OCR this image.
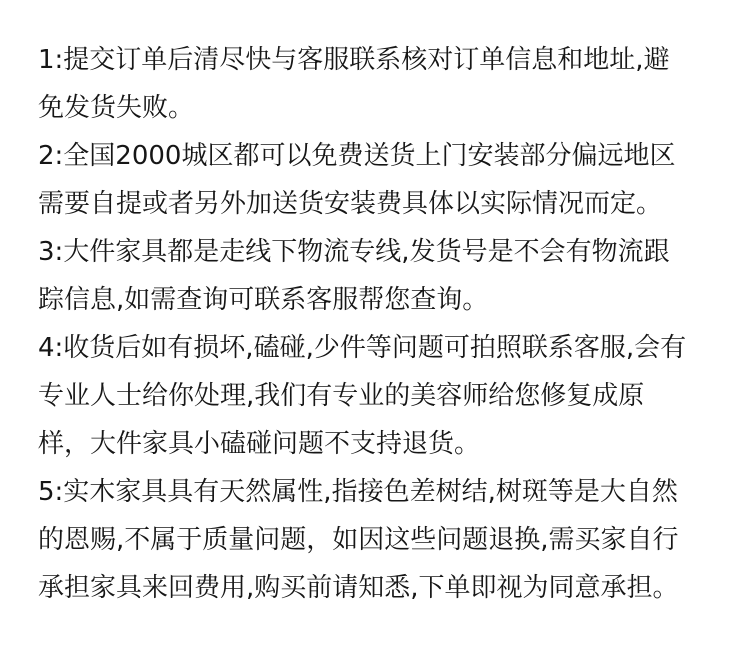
1:提交订单后清尽快与客服联系核对订单信息和地址,避
免发货失败。
2:全国2000城区都可以免费送货上门安装部分偏远地区
需要自提或者另外加送货安装费具体以实际情况而定。
3:大件家具都是走线下物流专线,发货号是不会有物流跟
踪信息,如需查询可联系客服帮您查询。
4:收货后如有损坏,磕碰,少件等问题可拍照联系客服,会有
专业人士给你处理,我们有专业的美容师给您修复成原
样，大件家具小磕碰问题不支持退货。
5:实木家具具有天然属性,指接色差树结,树斑等是大自然
的恩赐,不属于质量问题，如因这些问题退换,需买家自行
承担家具来回费用,购买前请知悉,下单即视为同意承担。
